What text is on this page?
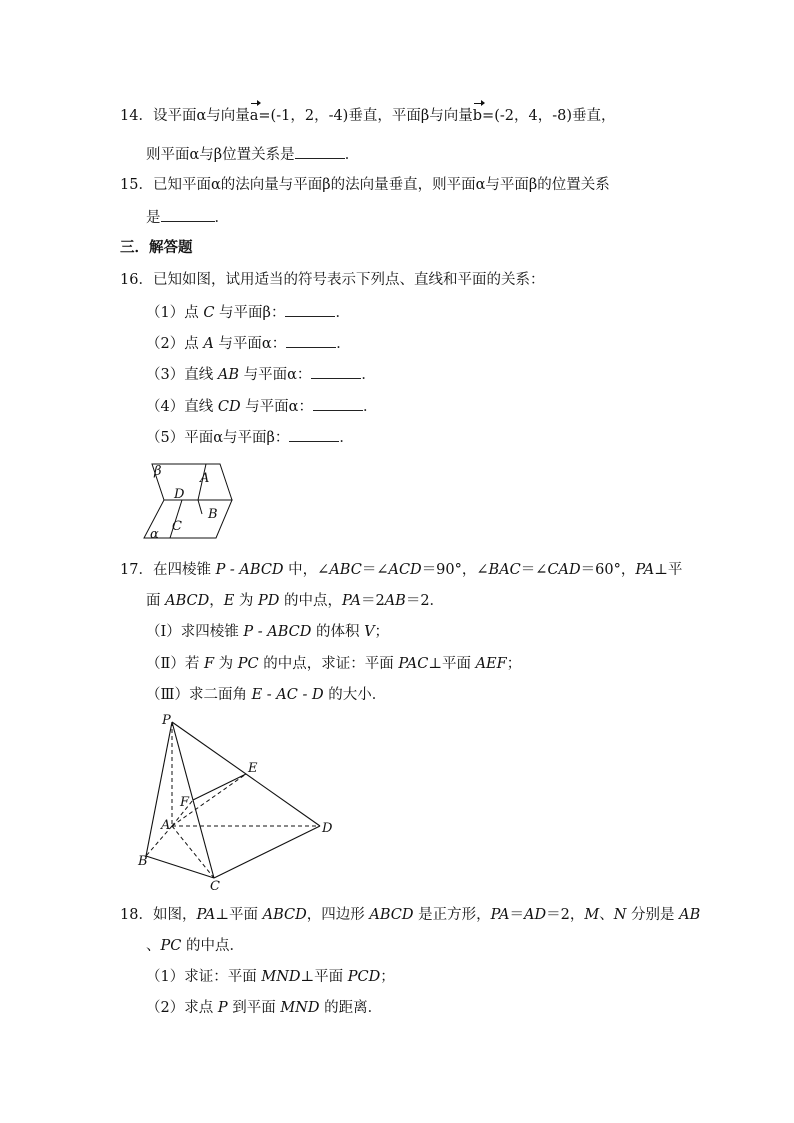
14．设平面α与向量a=(-1，2，-4)垂直，平面β与向量b=(-2，4，-8)垂直，
则平面α与β位置关系是	．
15．已知平面α的法向量与平面β的法向量垂直，则平面α与平面β的位置关系
是	．
三．解答题
16．已知如图，试用适当的符号表示下列点、直线和平面的关系：
（1）点 C 与平面β：	．
（2）点 A 与平面α：	．
（3）直线 AB 与平面α：	．
（4）直线 CD 与平面α：	．
（5）平面α与平面β：	．
β	A
D
B
C
α
17．在四棱锥 P - ABCD 中，∠ABC＝∠ACD＝90°，∠BAC＝∠CAD＝60°，PA⊥平
面 ABCD，E 为 PD 的中点，PA＝2AB＝2．
（Ⅰ）求四棱锥 P - ABCD 的体积 V；
（Ⅱ）若 F 为 PC 的中点，求证：平面 PAC⊥平面 AEF；
（Ⅲ）求二面角 E - AC - D 的大小．
P
E
F
A	D
B
C
18．如图，PA⊥平面 ABCD，四边形 ABCD 是正方形，PA＝AD＝2，M、N 分别是 AB
、PC 的中点．
（1）求证：平面 MND⊥平面 PCD；
（2）求点 P 到平面 MND 的距离．
